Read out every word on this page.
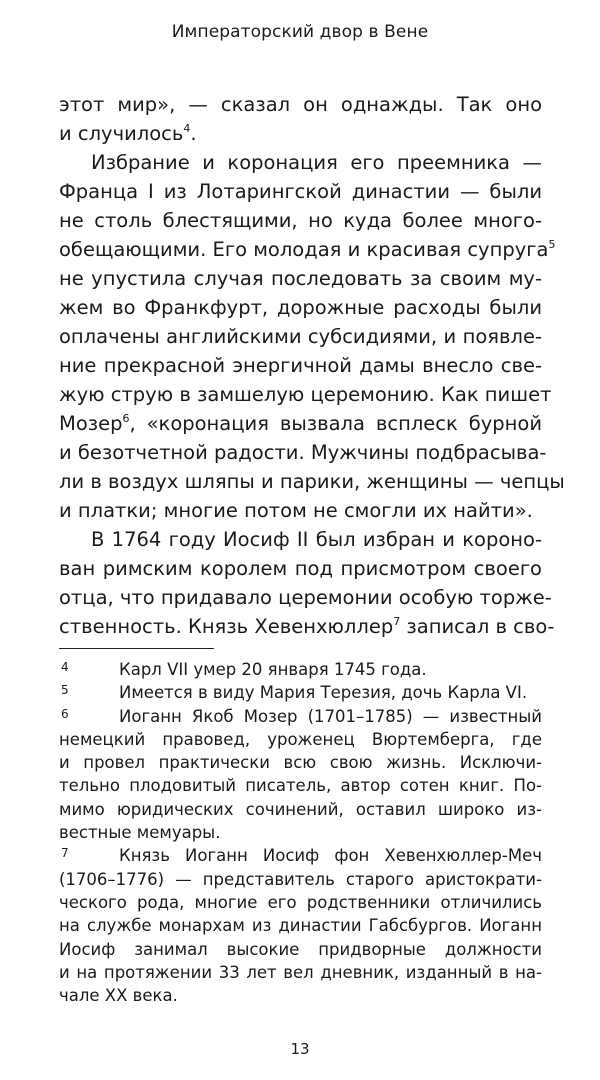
Императорский двор в Вене
этот мир», — сказал он однажды. Так оно
и случилось$^4$.
Избрание и коронация его преемника —
Франца I из Лотарингской династии — были
не столь блестящими, но куда более много-
обещающими. Его молодая и красивая супруга$^5$
не упустила случая последовать за своим му-
жем во Франкфурт, дорожные расходы были
оплачены английскими субсидиями, и появле-
ние прекрасной энергичной дамы внесло све-
жую струю в замшелую церемонию. Как пишет
Мозер$^6$, «коронация вызвала всплеск бурной
и безотчетной радости. Мужчины подбрасыва-
ли в воздух шляпы и парики, женщины — чепцы
и платки; многие потом не смогли их найти».
В 1764 году Иосиф II был избран и короно-
ван римским королем под присмотром своего
отца, что придавало церемонии особую торже-
ственность. Князь Хевенхюллер$^7$ записал в сво-
4	Карл VII умер 20 января 1745 года.
5	Имеется в виду Мария Терезия, дочь Карла VI.
6	Иоганн Якоб Мозер (1701–1785) — известный
немецкий правовед, уроженец Вюртемберга, где
и провел практически всю свою жизнь. Исключи-
тельно плодовитый писатель, автор сотен книг. По-
мимо юридических сочинений, оставил широко из-
вестные мемуары.
7	Князь Иоганн Иосиф фон Хевенхюллер-Меч
(1706–1776) — представитель старого аристократи-
ческого рода, многие его родственники отличились
на службе монархам из династии Габсбургов. Иоганн
Иосиф занимал высокие придворные должности
и на протяжении 33 лет вел дневник, изданный в на-
чале XX века.
13
